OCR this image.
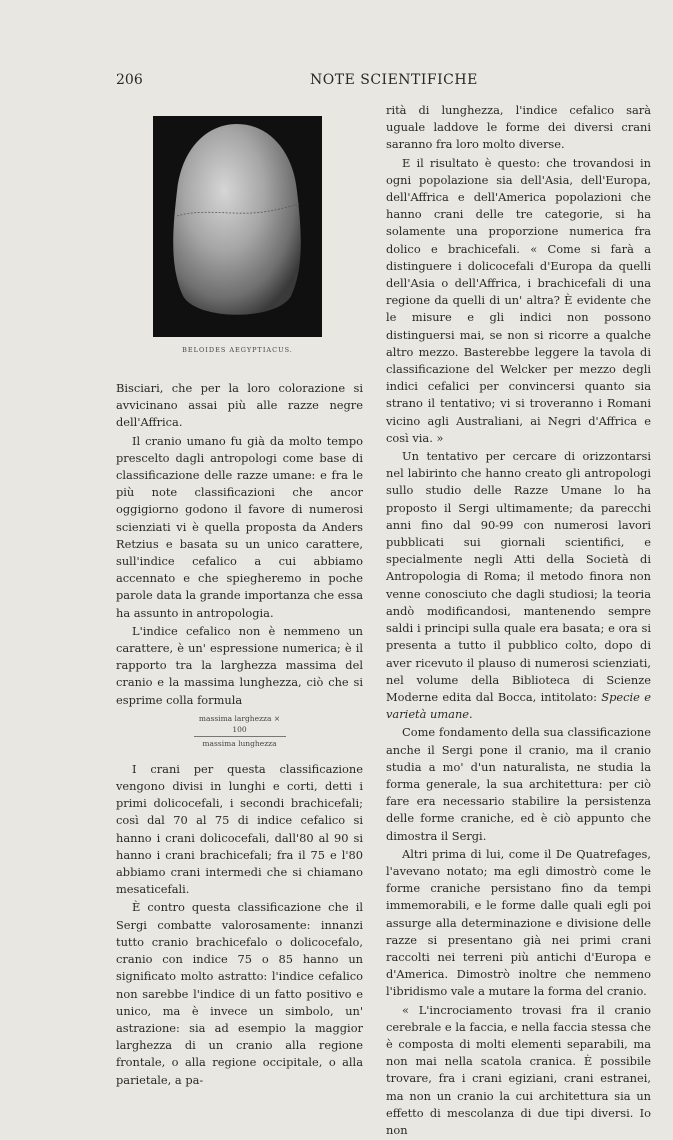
206	NOTE SCIENTIFICHE
BELOIDES AEGYPTIACUS.

Bisciari, che per la loro colorazione si avvicinano assai più alle razze negre dell'Affrica.

Il cranio umano fu già da molto tempo prescelto dagli antropologi come base di classificazione delle razze umane: e fra le più note classificazioni che ancor oggigiorno godono il favore di numerosi scienziati vi è quella proposta da Anders Retzius e basata su un unico carattere, sull'indice cefalico a cui abbiamo accennato e che spiegheremo in poche parole data la grande importanza che essa ha assunto in antropologia.

L'indice cefalico non è nemmeno un carattere, è un' espressione numerica; è il rapporto tra la larghezza massima del cranio e la massima lunghezza, ciò che si esprime colla formula

massima larghezza × 100
massima lunghezza

I crani per questa classificazione vengono divisi in lunghi e corti, detti i primi dolicocefali, i secondi brachicefali; così dal 70 al 75 di indice cefalico si hanno i crani dolicocefali, dall'80 al 90 si hanno i crani brachicefali; fra il 75 e l'80 abbiamo crani intermedi che si chiamano mesaticefali.

È contro questa classificazione che il Sergi combatte valorosamente: innanzi tutto cranio brachicefalo o dolicocefalo, cranio con indice 75 o 85 hanno un significato molto astratto: l'indice cefalico non sarebbe l'indice di un fatto positivo e unico, ma è invece un simbolo, un' astrazione: sia ad esempio la maggior larghezza di un cranio alla regione frontale, o alla regione occipitale, o alla parietale, a pa-

rità di lunghezza, l'indice cefalico sarà uguale laddove le forme dei diversi crani saranno fra loro molto diverse.

E il risultato è questo: che trovandosi in ogni popolazione sia dell'Asia, dell'Europa, dell'Affrica e dell'America popolazioni che hanno crani delle tre categorie, si ha solamente una proporzione numerica fra dolico e brachicefali. « Come si farà a distinguere i dolicocefali d'Europa da quelli dell'Asia o dell'Affrica, i brachicefali di una regione da quelli di un' altra? È evidente che le misure e gli indici non possono distinguersi mai, se non si ricorre a qualche altro mezzo. Basterebbe leggere la tavola di classificazione del Welcker per mezzo degli indici cefalici per convincersi quanto sia strano il tentativo; vi si troveranno i Romani vicino agli Australiani, ai Negri d'Affrica e così via. »

Un tentativo per cercare di orizzontarsi nel labirinto che hanno creato gli antropologi sullo studio delle Razze Umane lo ha proposto il Sergi ultimamente; da parecchi anni fino dal 90-99 con numerosi lavori pubblicati sui giornali scientifici, e specialmente negli Atti della Società di Antropologia di Roma; il metodo finora non venne conosciuto che dagli studiosi; la teoria andò modificandosi, mantenendo sempre saldi i principi sulla quale era basata; e ora si presenta a tutto il pubblico colto, dopo di aver ricevuto il plauso di numerosi scienziati, nel volume della Biblioteca di Scienze Moderne edita dal Bocca, intitolato: Specie e varietà umane.

Come fondamento della sua classificazione anche il Sergi pone il cranio, ma il cranio studia a mo' d'un naturalista, ne studia la forma generale, la sua architettura: per ciò fare era necessario stabilire la persistenza delle forme craniche, ed è ciò appunto che dimostra il Sergi.

Altri prima di lui, come il De Quatrefages, l'avevano notato; ma egli dimostrò come le forme craniche persistano fino da tempi immemorabili, e le forme dalle quali egli poi assurge alla determinazione e divisione delle razze si presentano già nei primi crani raccolti nei terreni più antichi d'Europa e d'America. Dimostrò inoltre che nemmeno l'ibridismo vale a mutare la forma del cranio.

« L'incrociamento trovasi fra il cranio cerebrale e la faccia, e nella faccia stessa che è composta di molti elementi separabili, ma non mai nella scatola cranica. È possibile trovare, fra i crani egiziani, crani estranei, ma non un cranio la cui architettura sia un effetto di mescolanza di due tipi diversi. Io non
